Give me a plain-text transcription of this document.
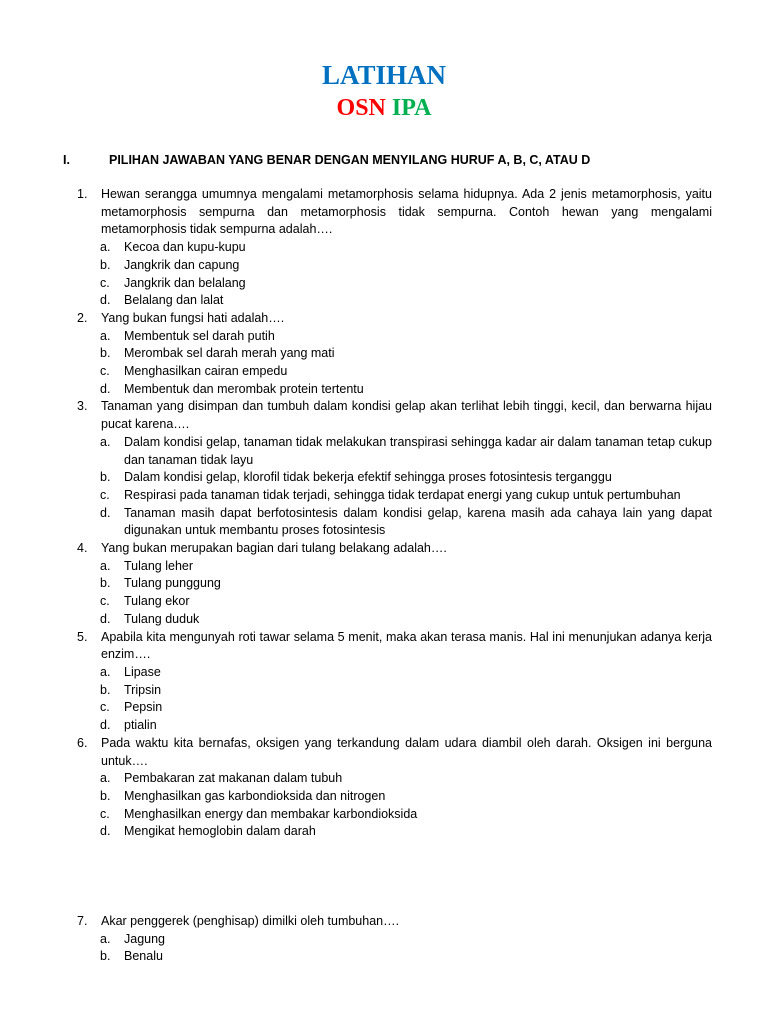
LATIHAN
OSN IPA
I.	PILIHAN JAWABAN YANG BENAR DENGAN MENYILANG HURUF A, B, C, ATAU D
1. Hewan serangga umumnya mengalami metamorphosis selama hidupnya. Ada 2 jenis metamorphosis, yaitu metamorphosis sempurna dan metamorphosis tidak sempurna. Contoh hewan yang mengalami metamorphosis tidak sempurna adalah….
a. Kecoa dan kupu-kupu
b. Jangkrik dan capung
c. Jangkrik dan belalang
d. Belalang dan lalat
2. Yang bukan fungsi hati adalah….
a. Membentuk sel darah putih
b. Merombak sel darah merah yang mati
c. Menghasilkan cairan empedu
d. Membentuk dan merombak protein tertentu
3. Tanaman yang disimpan dan tumbuh dalam kondisi gelap akan terlihat lebih tinggi, kecil, dan berwarna hijau pucat karena….
a. Dalam kondisi gelap, tanaman tidak melakukan transpirasi sehingga kadar air dalam tanaman tetap cukup dan tanaman tidak layu
b. Dalam kondisi gelap, klorofil tidak bekerja efektif sehingga proses fotosintesis terganggu
c. Respirasi pada tanaman tidak terjadi, sehingga tidak terdapat energi yang cukup untuk pertumbuhan
d. Tanaman masih dapat berfotosintesis dalam kondisi gelap, karena masih ada cahaya lain yang dapat digunakan untuk membantu proses fotosintesis
4. Yang bukan merupakan bagian dari tulang belakang adalah….
a. Tulang leher
b. Tulang punggung
c. Tulang ekor
d. Tulang duduk
5. Apabila kita mengunyah roti tawar selama 5 menit, maka akan terasa manis. Hal ini menunjukan adanya kerja enzim….
a. Lipase
b. Tripsin
c. Pepsin
d. ptialin
6. Pada waktu kita bernafas, oksigen yang terkandung dalam udara diambil oleh darah. Oksigen ini berguna untuk….
a. Pembakaran zat makanan dalam tubuh
b. Menghasilkan gas karbondioksida dan nitrogen
c. Menghasilkan energy dan membakar karbondioksida
d. Mengikat hemoglobin dalam darah
7. Akar penggerek (penghisap) dimilki oleh tumbuhan….
a. Jagung
b. Benalu
